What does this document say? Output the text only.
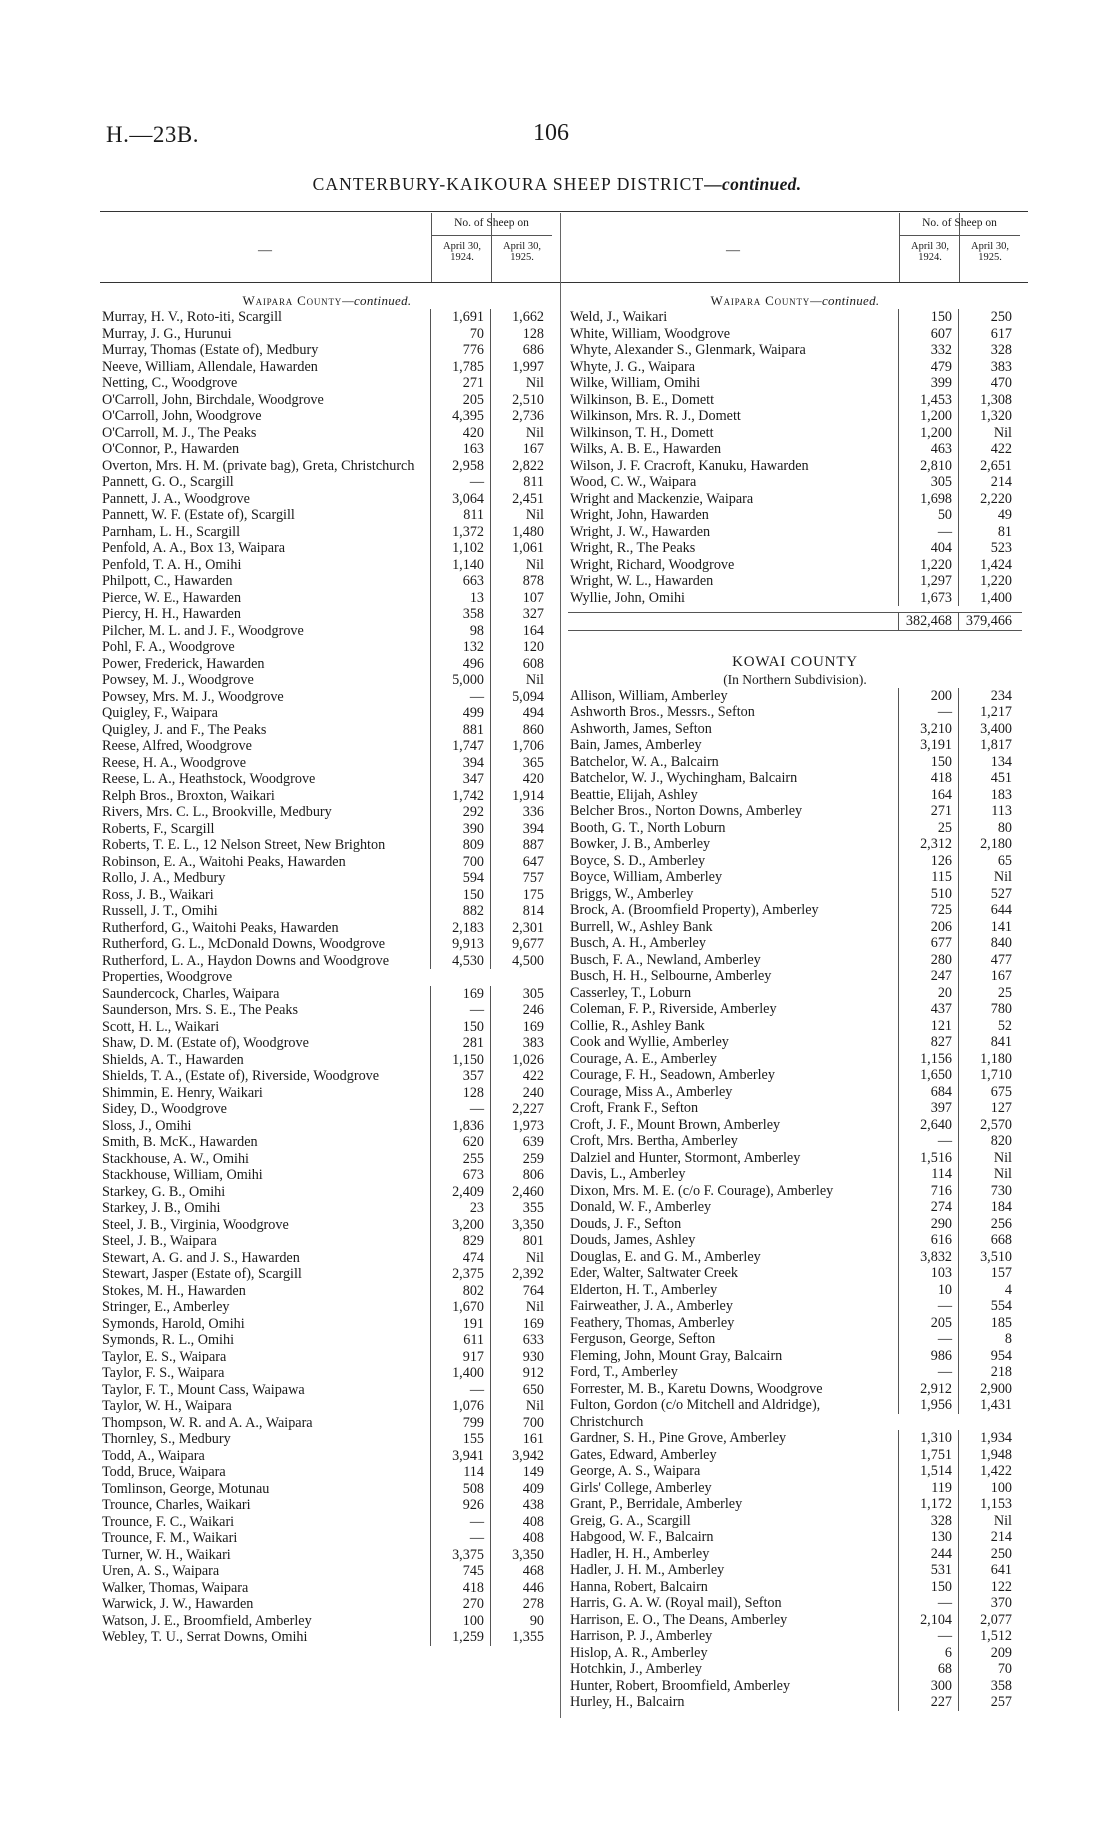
H.—23B.	106
CANTERBURY-KAIKOURA SHEEP DISTRICT—continued.
—
No. of Sheep on
April 30, 1924.
April 30, 1925.
Waipara County—continued.
Murray, H. V., Roto-iti, Scargill	1,691	1,662
Murray, J. G., Hurunui	70	128
Murray, Thomas (Estate of), Medbury	776	686
Neeve, William, Allendale, Hawarden	1,785	1,997
Netting, C., Woodgrove	271	Nil
O'Carroll, John, Birchdale, Woodgrove	205	2,510
O'Carroll, John, Woodgrove	4,395	2,736
O'Carroll, M. J., The Peaks	420	Nil
O'Connor, P., Hawarden	163	167
Overton, Mrs. H. M. (private bag), Greta, Christchurch	2,958	2,822
Pannett, G. O., Scargill	—	811
Pannett, J. A., Woodgrove	3,064	2,451
Pannett, W. F. (Estate of), Scargill	811	Nil
Parnham, L. H., Scargill	1,372	1,480
Penfold, A. A., Box 13, Waipara	1,102	1,061
Penfold, T. A. H., Omihi	1,140	Nil
Philpott, C., Hawarden	663	878
Pierce, W. E., Hawarden	13	107
Piercy, H. H., Hawarden	358	327
Pilcher, M. L. and J. F., Woodgrove	98	164
Pohl, F. A., Woodgrove	132	120
Power, Frederick, Hawarden	496	608
Powsey, M. J., Woodgrove	5,000	Nil
Powsey, Mrs. M. J., Woodgrove	—	5,094
Quigley, F., Waipara	499	494
Quigley, J. and F., The Peaks	881	860
Reese, Alfred, Woodgrove	1,747	1,706
Reese, H. A., Woodgrove	394	365
Reese, L. A., Heathstock, Woodgrove	347	420
Relph Bros., Broxton, Waikari	1,742	1,914
Rivers, Mrs. C. L., Brookville, Medbury	292	336
Roberts, F., Scargill	390	394
Roberts, T. E. L., 12 Nelson Street, New Brighton	809	887
Robinson, E. A., Waitohi Peaks, Hawarden	700	647
Rollo, J. A., Medbury	594	757
Ross, J. B., Waikari	150	175
Russell, J. T., Omihi	882	814
Rutherford, G., Waitohi Peaks, Hawarden	2,183	2,301
Rutherford, G. L., McDonald Downs, Woodgrove	9,913	9,677
Rutherford, L. A., Haydon Downs and Woodgrove Properties, Woodgrove
4,530	4,500
Saundercock, Charles, Waipara	169	305
Saunderson, Mrs. S. E., The Peaks	—	246
Scott, H. L., Waikari	150	169
Shaw, D. M. (Estate of), Woodgrove	281	383
Shields, A. T., Hawarden	1,150	1,026
Shields, T. A., (Estate of), Riverside, Woodgrove	357	422
Shimmin, E. Henry, Waikari	128	240
Sidey, D., Woodgrove	—	2,227
Sloss, J., Omihi	1,836	1,973
Smith, B. McK., Hawarden	620	639
Stackhouse, A. W., Omihi	255	259
Stackhouse, William, Omihi	673	806
Starkey, G. B., Omihi	2,409	2,460
Starkey, J. B., Omihi	23	355
Steel, J. B., Virginia, Woodgrove	3,200	3,350
Steel, J. B., Waipara	829	801
Stewart, A. G. and J. S., Hawarden	474	Nil
Stewart, Jasper (Estate of), Scargill	2,375	2,392
Stokes, M. H., Hawarden	802	764
Stringer, E., Amberley	1,670	Nil
Symonds, Harold, Omihi	191	169
Symonds, R. L., Omihi	611	633
Taylor, E. S., Waipara	917	930
Taylor, F. S., Waipara	1,400	912
Taylor, F. T., Mount Cass, Waipawa	—	650
Taylor, W. H., Waipara	1,076	Nil
Thompson, W. R. and A. A., Waipara	799	700
Thornley, S., Medbury	155	161
Todd, A., Waipara	3,941	3,942
Todd, Bruce, Waipara	114	149
Tomlinson, George, Motunau	508	409
Trounce, Charles, Waikari	926	438
Trounce, F. C., Waikari	—	408
Trounce, F. M., Waikari	—	408
Turner, W. H., Waikari	3,375	3,350
Uren, A. S., Waipara	745	468
Walker, Thomas, Waipara	418	446
Warwick, J. W., Hawarden	270	278
Watson, J. E., Broomfield, Amberley	100	90
Webley, T. U., Serrat Downs, Omihi	1,259	1,355
—
No. of Sheep on
April 30, 1924.
April 30, 1925.
Waipara County—continued.
Weld, J., Waikari	150	250
White, William, Woodgrove	607	617
Whyte, Alexander S., Glenmark, Waipara	332	328
Whyte, J. G., Waipara	479	383
Wilke, William, Omihi	399	470
Wilkinson, B. E., Domett	1,453	1,308
Wilkinson, Mrs. R. J., Domett	1,200	1,320
Wilkinson, T. H., Domett	1,200	Nil
Wilks, A. B. E., Hawarden	463	422
Wilson, J. F. Cracroft, Kanuku, Hawarden	2,810	2,651
Wood, C. W., Waipara	305	214
Wright and Mackenzie, Waipara	1,698	2,220
Wright, John, Hawarden	50	49
Wright, J. W., Hawarden	—	81
Wright, R., The Peaks	404	523
Wright, Richard, Woodgrove	1,220	1,424
Wright, W. L., Hawarden	1,297	1,220
Wyllie, John, Omihi	1,673	1,400
382,468 379,466
KOWAI COUNTY
(In Northern Subdivision).
Allison, William, Amberley	200	234
Ashworth Bros., Messrs., Sefton	—	1,217
Ashworth, James, Sefton	3,210	3,400
Bain, James, Amberley	3,191	1,817
Batchelor, W. A., Balcairn	150	134
Batchelor, W. J., Wychingham, Balcairn	418	451
Beattie, Elijah, Ashley	164	183
Belcher Bros., Norton Downs, Amberley	271	113
Booth, G. T., North Loburn	25	80
Bowker, J. B., Amberley	2,312	2,180
Boyce, S. D., Amberley	126	65
Boyce, William, Amberley	115	Nil
Briggs, W., Amberley	510	527
Brock, A. (Broomfield Property), Amberley	725	644
Burrell, W., Ashley Bank	206	141
Busch, A. H., Amberley	677	840
Busch, F. A., Newland, Amberley	280	477
Busch, H. H., Selbourne, Amberley	247	167
Casserley, T., Loburn	20	25
Coleman, F. P., Riverside, Amberley	437	780
Collie, R., Ashley Bank	121	52
Cook and Wyllie, Amberley	827	841
Courage, A. E., Amberley	1,156	1,180
Courage, F. H., Seadown, Amberley	1,650	1,710
Courage, Miss A., Amberley	684	675
Croft, Frank F., Sefton	397	127
Croft, J. F., Mount Brown, Amberley	2,640	2,570
Croft, Mrs. Bertha, Amberley	—	820
Dalziel and Hunter, Stormont, Amberley	1,516	Nil
Davis, L., Amberley	114	Nil
Dixon, Mrs. M. E. (c/o F. Courage), Amberley	716	730
Donald, W. F., Amberley	274	184
Douds, J. F., Sefton	290	256
Douds, James, Ashley	616	668
Douglas, E. and G. M., Amberley	3,832	3,510
Eder, Walter, Saltwater Creek	103	157
Elderton, H. T., Amberley	10	4
Fairweather, J. A., Amberley	—	554
Feathery, Thomas, Amberley	205	185
Ferguson, George, Sefton	—	8
Fleming, John, Mount Gray, Balcairn	986	954
Ford, T., Amberley	—	218
Forrester, M. B., Karetu Downs, Woodgrove	2,912	2,900
Fulton, Gordon (c/o Mitchell and Aldridge), Christchurch
1,956	1,431
Gardner, S. H., Pine Grove, Amberley	1,310	1,934
Gates, Edward, Amberley	1,751	1,948
George, A. S., Waipara	1,514	1,422
Girls' College, Amberley	119	100
Grant, P., Berridale, Amberley	1,172	1,153
Greig, G. A., Scargill	328	Nil
Habgood, W. F., Balcairn	130	214
Hadler, H. H., Amberley	244	250
Hadler, J. H. M., Amberley	531	641
Hanna, Robert, Balcairn	150	122
Harris, G. A. W. (Royal mail), Sefton	—	370
Harrison, E. O., The Deans, Amberley	2,104	2,077
Harrison, P. J., Amberley	—	1,512
Hislop, A. R., Amberley	6	209
Hotchkin, J., Amberley	68	70
Hunter, Robert, Broomfield, Amberley	300	358
Hurley, H., Balcairn	227	257
